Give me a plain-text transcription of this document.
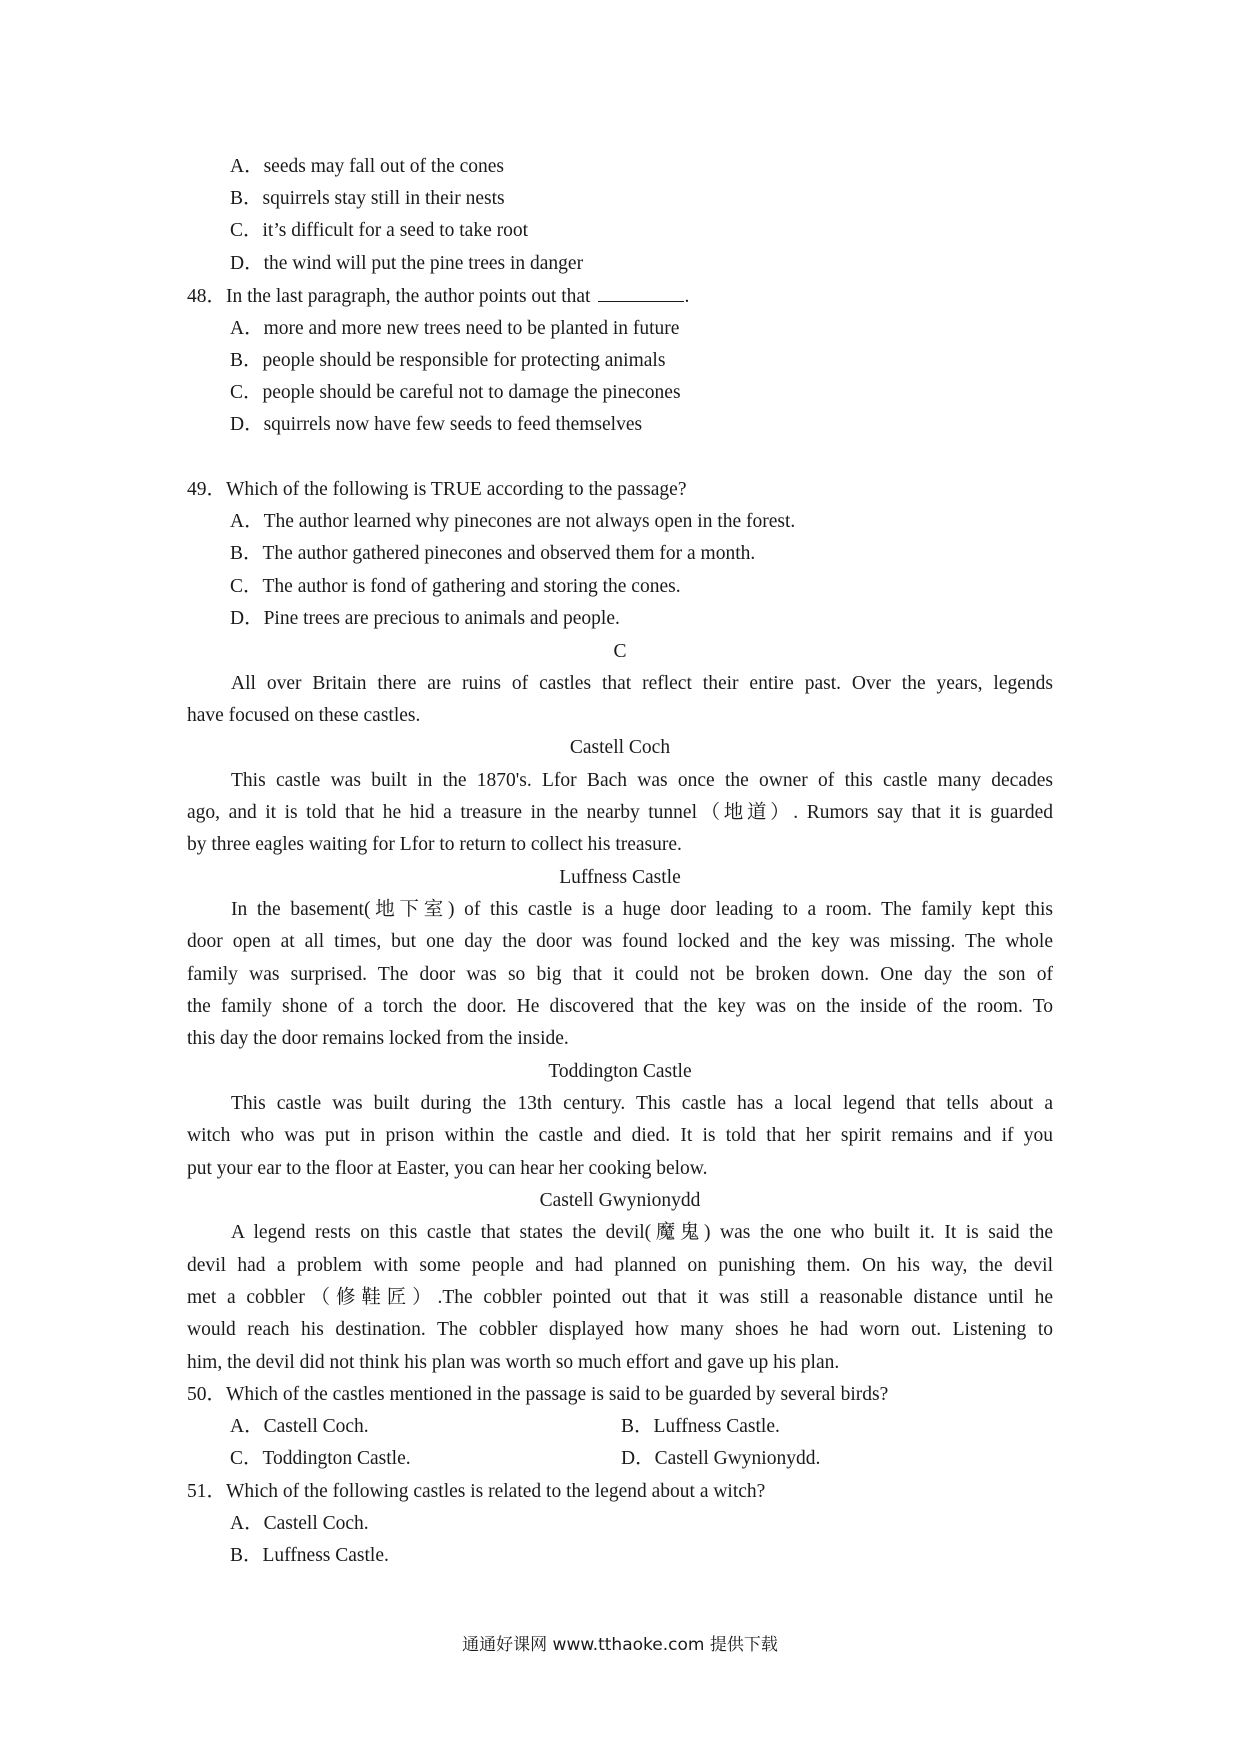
A．seeds may fall out of the cones
B．squirrels stay still in their nests
C．it’s difficult for a seed to take root
D．the wind will put the pine trees in danger
48．In the last paragraph, the author points out that	.
A．more and more new trees need to be planted in future
B．people should be responsible for protecting animals
C．people should be careful not to damage the pinecones
D．squirrels now have few seeds to feed themselves
49．Which of the following is TRUE according to the passage?
A．The author learned why pinecones are not always open in the forest.
B．The author gathered pinecones and observed them for a month.
C．The author is fond of gathering and storing the cones.
D．Pine trees are precious to animals and people.
C
All over Britain there are ruins of castles that reflect their entire past. Over the years, legends
have focused on these castles.
Castell Coch
This castle was built in the 1870's. Lfor Bach was once the owner of this castle many decades
ago, and it is told that he hid a treasure in the nearby tunnel（地道）. Rumors say that it is guarded
by three eagles waiting for Lfor to return to collect his treasure.
Luffness Castle
In the basement(地下室) of this castle is a huge door leading to a room. The family kept this
door open at all times, but one day the door was found locked and the key was missing. The whole
family was surprised. The door was so big that it could not be broken down. One day the son of
the family shone of a torch the door. He discovered that the key was on the inside of the room. To
this day the door remains locked from the inside.
Toddington Castle
This castle was built during the 13th century. This castle has a local legend that tells about a
witch who was put in prison within the castle and died. It is told that her spirit remains and if you
put your ear to the floor at Easter, you can hear her cooking below.
Castell Gwynionydd
A legend rests on this castle that states the devil(魔鬼) was the one who built it. It is said the
devil had a problem with some people and had planned on punishing them. On his way, the devil
met a cobbler（修鞋匠）.The cobbler pointed out that it was still a reasonable distance until he
would reach his destination. The cobbler displayed how many shoes he had worn out. Listening to
him, the devil did not think his plan was worth so much effort and gave up his plan.
50．Which of the castles mentioned in the passage is said to be guarded by several birds?
A．Castell Coch.	B．Luffness Castle.
C．Toddington Castle.	D．Castell Gwynionydd.
51．Which of the following castles is related to the legend about a witch?
A．Castell Coch.
B．Luffness Castle.
通通好课网 www.tthaoke.com 提供下载
